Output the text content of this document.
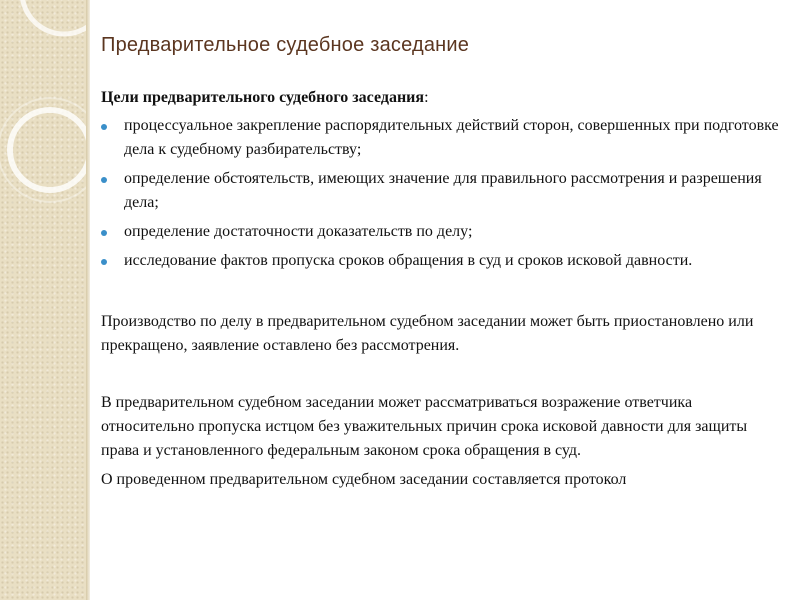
Предварительное судебное заседание

Цели предварительного судебного заседания:

процессуальное закрепление распорядительных действий сторон, совершенных при подготовке дела к судебному разбирательству;
определение обстоятельств, имеющих значение для правильного рассмотрения и разрешения дела;
определение достаточности доказательств по делу;
исследование фактов пропуска сроков обращения в суд и сроков исковой давности.

Производство по делу в предварительном судебном заседании может быть приостановлено или прекращено, заявление оставлено без рассмотрения.

В предварительном судебном заседании может рассматриваться возражение ответчика относительно пропуска истцом без уважительных причин срока исковой давности для защиты права и установленного федеральным законом срока обращения в суд.

О проведенном предварительном судебном заседании составляется протокол
